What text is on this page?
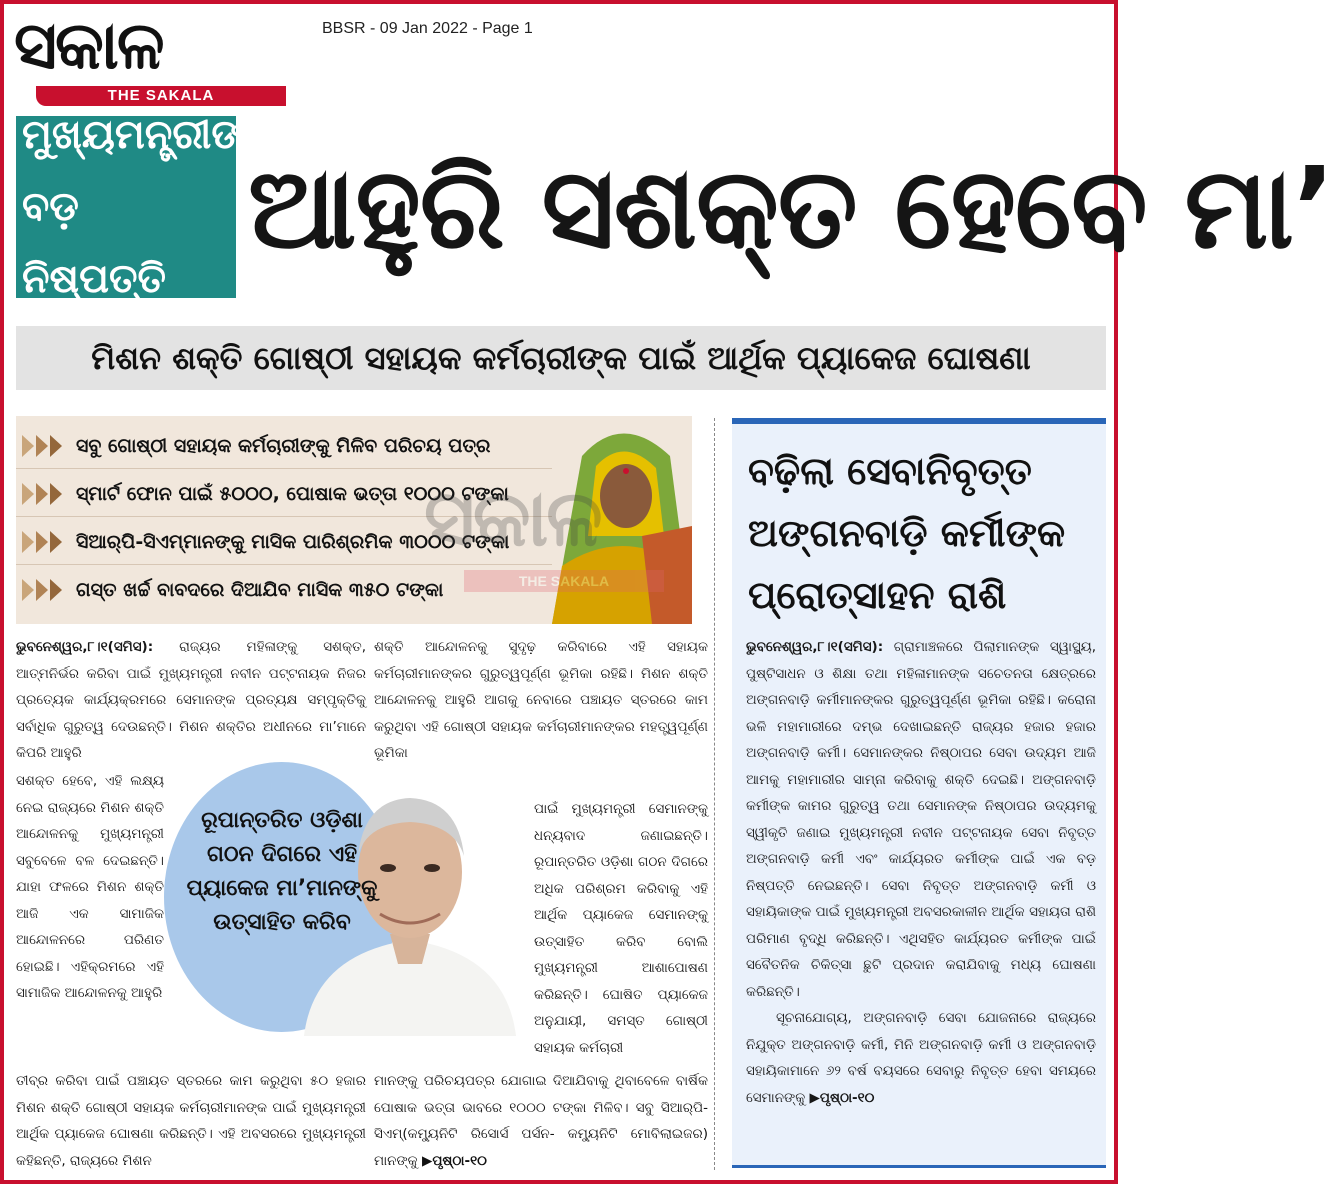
ସକାଳ
THE SAKALA
BBSR - 09 Jan 2022 - Page 1
ମୁଖ୍ୟମନ୍ତ୍ରୀଙ୍କ
ବଡ଼ ନିଷ୍ପତ୍ତି
ଆହୁରି ସଶକ୍ତ ହେବେ ମା’
ମିଶନ ଶକ୍ତି ଗୋଷ୍ଠୀ ସହାୟକ କର୍ମଚାରୀଙ୍କ ପାଇଁ ଆର୍ଥିକ ପ୍ୟାକେଜ ଘୋଷଣା
ସବୁ ଗୋଷ୍ଠୀ ସହାୟକ କର୍ମଚାରୀଙ୍କୁ ମିଳିବ ପରିଚୟ ପତ୍ର
ସ୍ମାର୍ଟ ଫୋନ ପାଇଁ ୫୦୦୦, ପୋଷାକ ଭତ୍ତା ୧୦୦୦ ଟଙ୍କା
ସିଆର୍‌ପି-ସିଏମ୍‌ମାନଙ୍କୁ ମାସିକ ପାରିଶ୍ରମିକ ୩୦୦୦ ଟଙ୍କା
ଗସ୍ତ ଖର୍ଚ୍ଚ ବାବଦରେ ଦିଆଯିବ ମାସିକ ୩୫୦ ଟଙ୍କା
ସକାଳ
THE SAKALA

ଭୁବନେଶ୍ୱର,୮।୧(ସମିସ): ରାଜ୍ୟର ମହିଳାଙ୍କୁ ସଶକ୍ତ, ଆତ୍ମନିର୍ଭର କରିବା ପାଇଁ ମୁଖ୍ୟମନ୍ତ୍ରୀ ନବୀନ ପଟ୍ଟନାୟକ ନିଜର ପ୍ରତ୍ୟେକ କାର୍ଯ୍ୟକ୍ରମରେ ସେମାନଙ୍କ ପ୍ରତ୍ୟକ୍ଷ ସମ୍ପୃକ୍ତିକୁ ସର୍ବାଧିକ ଗୁରୁତ୍ୱ ଦେଉଛନ୍ତି। ମିଶନ ଶକ୍ତିର ଅଧୀନରେ ମା’ମାନେ କିପରି ଆହୁରି

ସଶକ୍ତ ହେବେ, ଏହି ଲକ୍ଷ୍ୟ ନେଇ ରାଜ୍ୟରେ ମିଶନ ଶକ୍ତି ଆନ୍ଦୋଳନକୁ ମୁଖ୍ୟମନ୍ତ୍ରୀ ସବୁବେଳେ ବଳ ଦେଇଛନ୍ତି। ଯାହା ଫଳରେ ମିଶନ ଶକ୍ତି ଆଜି ଏକ ସାମାଜିକ ଆନ୍ଦୋଳନରେ ପରିଣତ ହୋଇଛି। ଏହିକ୍ରମରେ ଏହି ସାମାଜିକ ଆନ୍ଦୋଳନକୁ ଆହୁରି

ତୀବ୍ର କରିବା ପାଇଁ ପଞ୍ଚାୟତ ସ୍ତରରେ କାମ କରୁଥିବା ୫୦ ହଜାର ମିଶନ ଶକ୍ତି ଗୋଷ୍ଠୀ ସହାୟକ କର୍ମଚାରୀମାନଙ୍କ ପାଇଁ ମୁଖ୍ୟମନ୍ତ୍ରୀ ଆର୍ଥିକ ପ୍ୟାକେଜ ଘୋଷଣା କରିଛନ୍ତି। ଏହି ଅବସରରେ ମୁଖ୍ୟମନ୍ତ୍ରୀ କହିଛନ୍ତି, ରାଜ୍ୟରେ ମିଶନ

ଶକ୍ତି ଆନ୍ଦୋଳନକୁ ସୁଦୃଢ଼ କରିବାରେ ଏହି ସହାୟକ କର୍ମଚାରୀମାନଙ୍କର ଗୁରୁତ୍ୱପୂର୍ଣ୍ଣ ଭୂମିକା ରହିଛି। ମିଶନ ଶକ୍ତି ଆନ୍ଦୋଳନକୁ ଆହୁରି ଆଗକୁ ନେବାରେ ପଞ୍ଚାୟତ ସ୍ତରରେ କାମ କରୁଥିବା ଏହି ଗୋଷ୍ଠୀ ସହାୟକ କର୍ମଚାରୀମାନଙ୍କର ମହତ୍ତ୍ୱପୂର୍ଣ୍ଣ ଭୂମିକା

ପାଇଁ ମୁଖ୍ୟମନ୍ତ୍ରୀ ସେମାନଙ୍କୁ ଧନ୍ୟବାଦ ଜଣାଇଛନ୍ତି। ରୂପାନ୍ତରିତ ଓଡ଼ିଶା ଗଠନ ଦିଗରେ ଅଧିକ ପରିଶ୍ରମ କରିବାକୁ ଏହି ଆର୍ଥିକ ପ୍ୟାକେଜ ସେମାନଙ୍କୁ ଉତ୍ସାହିତ କରିବ ବୋଲି ମୁଖ୍ୟମନ୍ତ୍ରୀ ଆଶାପୋଷଣ କରିଛନ୍ତି। ଘୋଷିତ ପ୍ୟାକେଜ ଅନୁଯାୟୀ, ସମସ୍ତ ଗୋଷ୍ଠୀ ସହାୟକ କର୍ମଚାରୀ

ମାନଙ୍କୁ ପରିଚୟପତ୍ର ଯୋଗାଇ ଦିଆଯିବାକୁ ଥିବାବେଳେ ବାର୍ଷିକ ପୋଷାକ ଭତ୍ତା ଭାବରେ ୧୦୦୦ ଟଙ୍କା ମିଳିବ। ସବୁ ସିଆର୍‌ପି-ସିଏମ୍(କମ୍ୟୁନିଟି ରିସୋର୍ସ ପର୍ସନ- କମ୍ୟୁନିଟି ମୋବିଲାଇଜର) ମାନଙ୍କୁ ▶ପୃଷ୍ଠା-୧୦

ରୂପାନ୍ତରିତ ଓଡ଼ିଶା ଗଠନ ଦିଗରେ ଏହି ପ୍ୟାକେଜ ମା’ମାନଙ୍କୁ ଉତ୍ସାହିତ କରିବ
ବଢ଼ିଲା ସେବାନିବୃତ୍ତ
ଅଙ୍ଗନବାଡ଼ି କର୍ମୀଙ୍କ
ପ୍ରୋତ୍ସାହନ ରାଶି

ଭୁବନେଶ୍ୱର,୮।୧(ସମିସ): ଗ୍ରାମାଞ୍ଚଳରେ ପିଲାମାନଙ୍କ ସ୍ୱାସ୍ଥ୍ୟ, ପୁଷ୍ଟିସାଧନ ଓ ଶିକ୍ଷା ତଥା ମହିଳାମାନଙ୍କ ସଚେତନତା କ୍ଷେତ୍ରରେ ଅଙ୍ଗନବାଡ଼ି କର୍ମୀମାନଙ୍କର ଗୁରୁତ୍ୱପୂର୍ଣ୍ଣ ଭୂମିକା ରହିଛି। କରୋନା ଭଳି ମହାମାରୀରେ ଦମ୍ଭ ଦେଖାଇଛନ୍ତି ରାଜ୍ୟର ହଜାର ହଜାର ଅଙ୍ଗନବାଡ଼ି କର୍ମୀ। ସେମାନଙ୍କର ନିଷ୍ଠାପର ସେବା ଉଦ୍ୟମ ଆଜି ଆମକୁ ମହାମାରୀର ସାମ୍ନା କରିବାକୁ ଶକ୍ତି ଦେଇଛି। ଅଙ୍ଗନବାଡ଼ି କର୍ମୀଙ୍କ କାମର ଗୁରୁତ୍ୱ ତଥା ସେମାନଙ୍କ ନିଷ୍ଠାପର ଉଦ୍ୟମକୁ ସ୍ୱୀକୃତି ଜଣାଇ ମୁଖ୍ୟମନ୍ତ୍ରୀ ନବୀନ ପଟ୍ଟନାୟକ ସେବା ନିବୃତ୍ତ ଅଙ୍ଗନବାଡ଼ି କର୍ମୀ ଏବଂ କାର୍ଯ୍ୟରତ କର୍ମୀଙ୍କ ପାଇଁ ଏକ ବଡ଼ ନିଷ୍ପତ୍ତି ନେଇଛନ୍ତି। ସେବା ନିବୃତ୍ତ ଅଙ୍ଗନବାଡ଼ି କର୍ମୀ ଓ ସହାୟିକାଙ୍କ ପାଇଁ ମୁଖ୍ୟମନ୍ତ୍ରୀ ଅବସରକାଳୀନ ଆର୍ଥିକ ସହାୟତା ରାଶି ପରିମାଣ ବୃଦ୍ଧି କରିଛନ୍ତି। ଏଥିସହିତ କାର୍ଯ୍ୟରତ କର୍ମୀଙ୍କ ପାଇଁ ସବୈତନିକ ଚିକିତ୍ସା ଛୁଟି ପ୍ରଦାନ କରାଯିବାକୁ ମଧ୍ୟ ଘୋଷଣା କରିଛନ୍ତି।

ସୂଚନାଯୋଗ୍ୟ, ଅଙ୍ଗନବାଡ଼ି ସେବା ଯୋଜନାରେ ରାଜ୍ୟରେ ନିଯୁକ୍ତ ଅଙ୍ଗନବାଡ଼ି କର୍ମୀ, ମିନି ଅଙ୍ଗନବାଡ଼ି କର୍ମୀ ଓ ଅଙ୍ଗନବାଡ଼ି ସହାୟିକାମାନେ ୬୨ ବର୍ଷ ବୟସରେ ସେବାରୁ ନିବୃତ୍ତ ହେବା ସମୟରେ ସେମାନଙ୍କୁ ▶ପୃଷ୍ଠା-୧୦
